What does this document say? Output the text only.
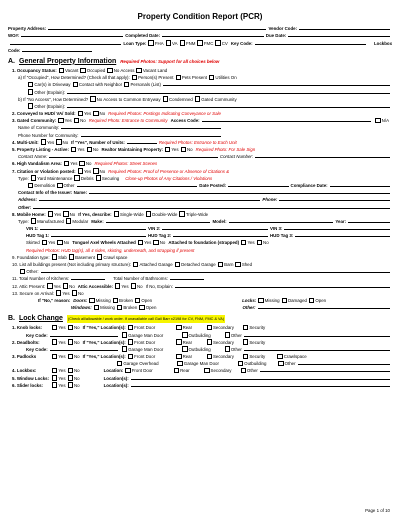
Property Condition Report (PCR)
Property Address:	Vendor Code:
WO#:	Completed Date:	Due Date:
Loan Type: FHA VA FNM FMC CV Key Code:	Lockbox
Code:
A. General Property Information Required Photos: Support for all choices below
1. Occupancy Status: Vacant Occupied No Access Vacant Land
a) If "Occupied", How Determined? (Check all that apply): Person(s) Present Pets Present Utilities On
Car(s) in Driveway Contact with Neighbor Personals (List)
Other (Explain):
b) If "No Access", How Determined? No Access to Common Entryway Condemned Gated Community
Other (Explain):
2. Conveyed to HUD/ VA/ Sold: Yes No Required Photos: Postings Indicating Conveyance or Sale
3. Gated Community: Yes No Required Photo: Entrance to Community Access Code:	N/A
Name of Community:
Phone Number for Community:
4. Multi-Unit: Yes No If "Yes", Number of Units:	Required Photos: Entrance to Each Unit
5. Property Listing - Active: Yes No Realtor Maintaining Property: Yes No Required Photo: For Sale Sign
Contact Name:	Contact Number:
6. High Vandalism Area: Yes No Required Photos: Street Scenes
7. Citation or Violation posted: Yes No Required Photos: Proof of Presence or Absence of Citations &
Type: Yard Maintenance Debris Securing Close-up Photos of Any Citations / Violations
Demolition Other	Date Posted:	Compliance Date:
Contact Info of the Issuer: Name:
Address:	Phone:
Other:
8. Mobile Home: Yes No If Yes, describe: Single-Wide Double-Wide Triple-Wide
Type: Manufactured Modular Make:	Model:	Year:
VIN 1:	VIN 2:	VIN 3:
HUD Tag 1:	HUD Tag 2:	HUD Tag 3:
Skirted Yes No Tongue/ Axel Wheels Attached Yes No Attached to foundation (strapped) Yes No
Required Photos: HUD tag(s), all 4 sides, skirting, underneath, and strapping if present
9. Foundation type: Slab Basement Crawl space
10. List all buildings present (Not including primary structure): Attached Garage Detached Garage Barn Shed
Other:
11. Total Number of Kitchens:	Total Number of Bathrooms:
12. Attic Present: Yes No Attic Accessible: Yes No If No, Explain:
13. Secure on Arrival: Yes No
If "No," reason: Doors: Missing Broken Open	Locks: Missing Damaged Open
Windows: Missing Broken Open	Other:
B. Lock Change (Check all/allowable / work order. If unavailable call Gail Barr x2198 for CV, FNM, FMC & VA)
1. Knob locks:	Yes No If "Yes," Location(s): Front Door	Rear	Secondary	Security
Key Code:	Garage Man Door	Outbuilding	Other
2. Deadbolts:	Yes No If "Yes," Location(s): Front Door	Rear	Secondary	Security
Key Code:	Garage Man Door	Outbuilding	Other
3. Padlocks	Yes No If "Yes," Location(s): Front Door	Rear	Secondary	Security	Crawlspace
Garage Overhead	Garage Man Door	Outbuilding	Other
4. Lockbox:	Yes No	Location: Front Door	Rear	Secondary	Other
5. Window Locks: Yes No	Location(s):
6. Slider locks:	Yes No	Location(s):
Page 1 of 10
